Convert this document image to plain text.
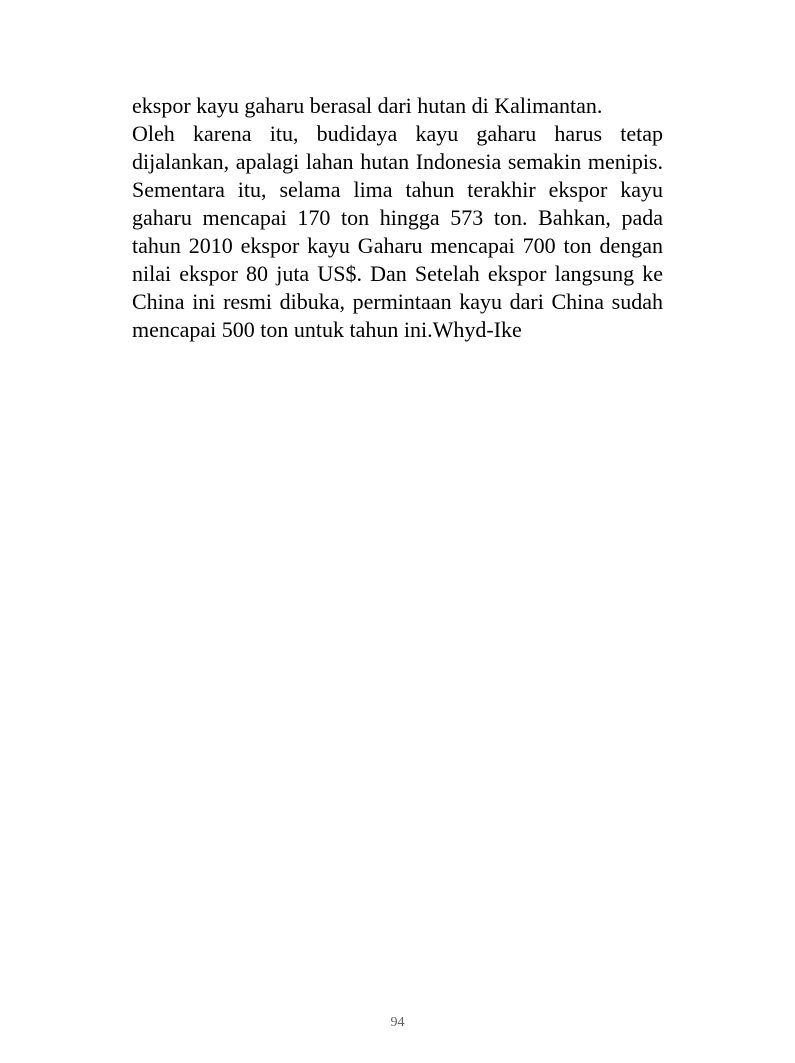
ekspor kayu gaharu berasal dari hutan di Kalimantan.
Oleh karena itu, budidaya kayu gaharu harus tetap
dijalankan, apalagi lahan hutan Indonesia semakin menipis.
Sementara itu, selama lima tahun terakhir ekspor kayu
gaharu mencapai 170 ton hingga 573 ton. Bahkan, pada
tahun 2010 ekspor kayu Gaharu mencapai 700 ton dengan
nilai ekspor 80 juta US$. Dan Setelah ekspor langsung ke
China ini resmi dibuka, permintaan kayu dari China sudah
mencapai 500 ton untuk tahun ini.Whyd-Ike
94
